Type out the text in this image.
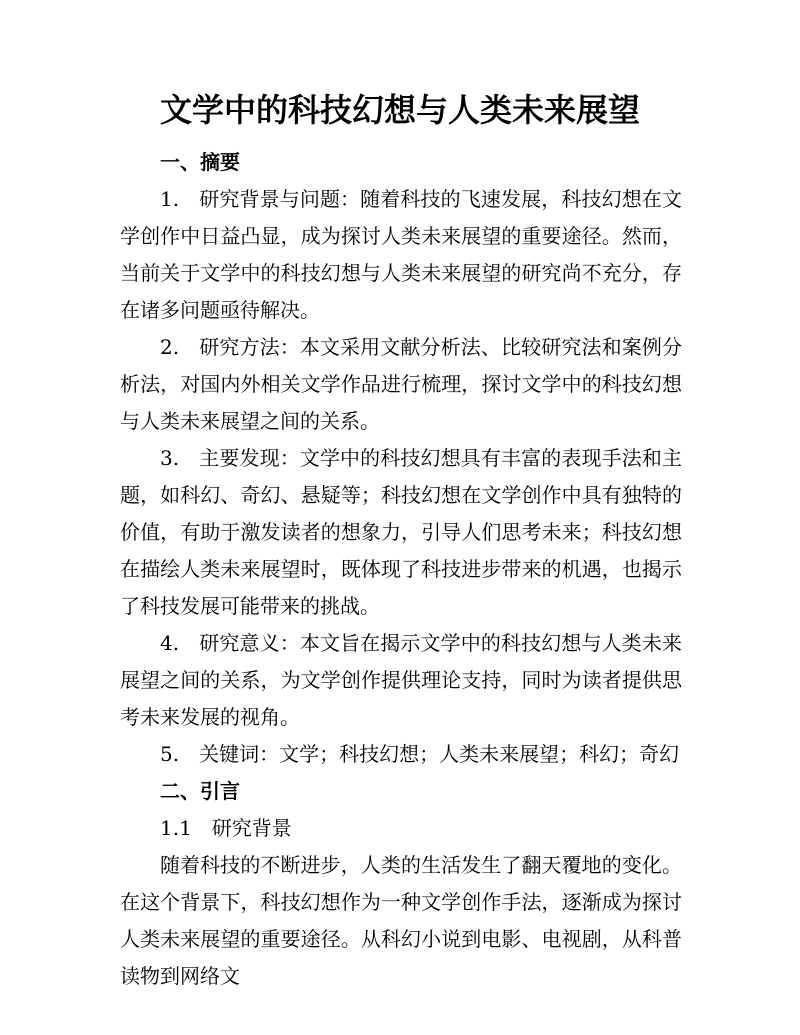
文学中的科技幻想与人类未来展望
一、摘要

1.  研究背景与问题：随着科技的飞速发展，科技幻想在文学创作中日益凸显，成为探讨人类未来展望的重要途径。然而，当前关于文学中的科技幻想与人类未来展望的研究尚不充分，存在诸多问题亟待解决。

2.  研究方法：本文采用文献分析法、比较研究法和案例分析法，对国内外相关文学作品进行梳理，探讨文学中的科技幻想与人类未来展望之间的关系。

3.  主要发现：文学中的科技幻想具有丰富的表现手法和主题，如科幻、奇幻、悬疑等；科技幻想在文学创作中具有独特的价值，有助于激发读者的想象力，引导人们思考未来；科技幻想在描绘人类未来展望时，既体现了科技进步带来的机遇，也揭示了科技发展可能带来的挑战。

4.  研究意义：本文旨在揭示文学中的科技幻想与人类未来展望之间的关系，为文学创作提供理论支持，同时为读者提供思考未来发展的视角。

5.  关键词：文学；科技幻想；人类未来展望；科幻；奇幻

二、引言

1.1  研究背景

随着科技的不断进步，人类的生活发生了翻天覆地的变化。在这个背景下，科技幻想作为一种文学创作手法，逐渐成为探讨人类未来展望的重要途径。从科幻小说到电影、电视剧，从科普读物到网络文
